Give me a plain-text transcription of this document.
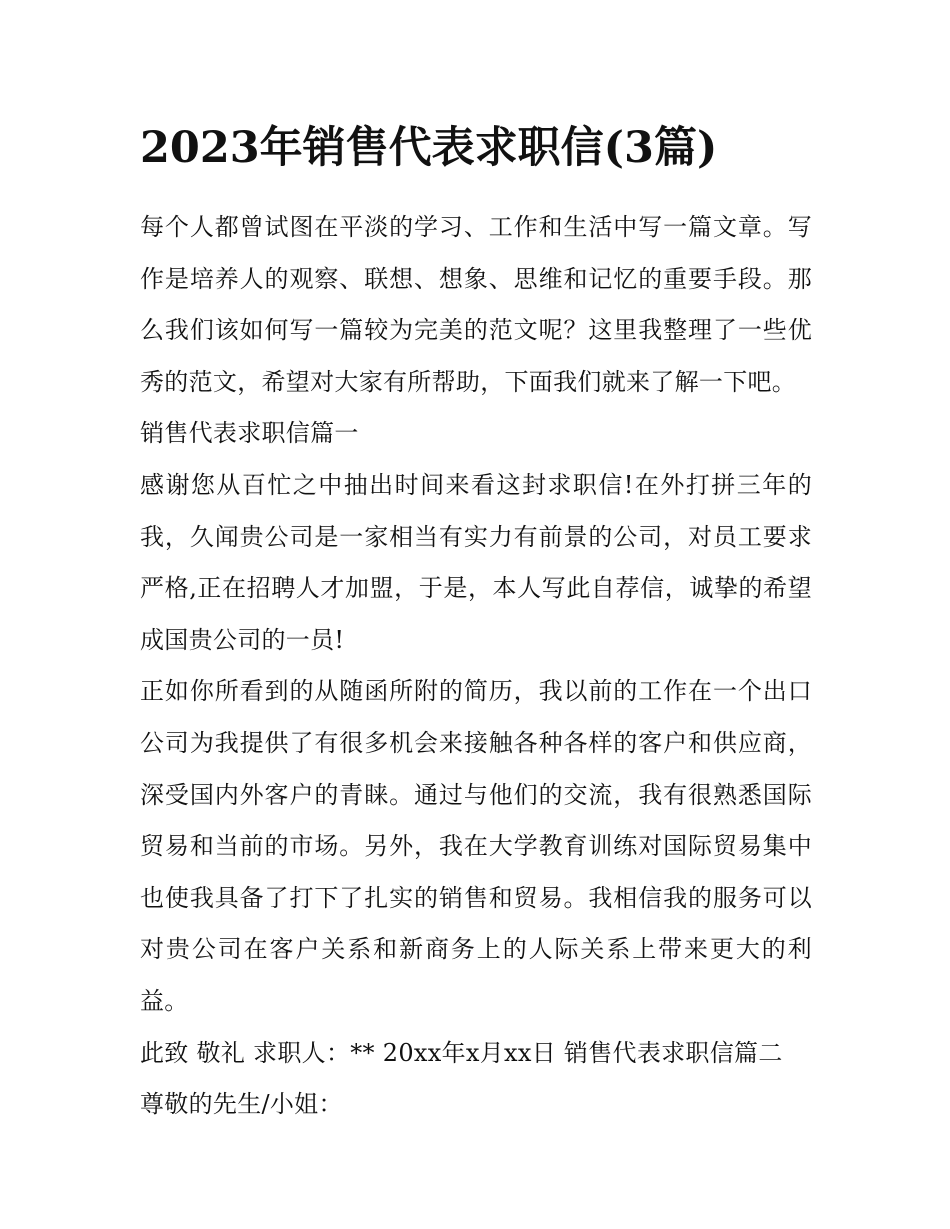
2023年销售代表求职信(3篇)

每个人都曾试图在平淡的学习、工作和生活中写一篇文章。写作是培养人的观察、联想、想象、思维和记忆的重要手段。那么我们该如何写一篇较为完美的范文呢？这里我整理了一些优秀的范文，希望对大家有所帮助，下面我们就来了解一下吧。

销售代表求职信篇一

感谢您从百忙之中抽出时间来看这封求职信!在外打拼三年的我，久闻贵公司是一家相当有实力有前景的公司，对员工要求严格,正在招聘人才加盟，于是，本人写此自荐信，诚挚的希望成国贵公司的一员!

正如你所看到的从随函所附的简历，我以前的工作在一个出口公司为我提供了有很多机会来接触各种各样的客户和供应商，深受国内外客户的青睐。通过与他们的交流，我有很熟悉国际贸易和当前的市场。另外，我在大学教育训练对国际贸易集中也使我具备了打下了扎实的销售和贸易。我相信我的服务可以对贵公司在客户关系和新商务上的人际关系上带来更大的利益。

此致 敬礼 求职人：** 20xx年x月xx日 销售代表求职信篇二

尊敬的先生/小姐：
